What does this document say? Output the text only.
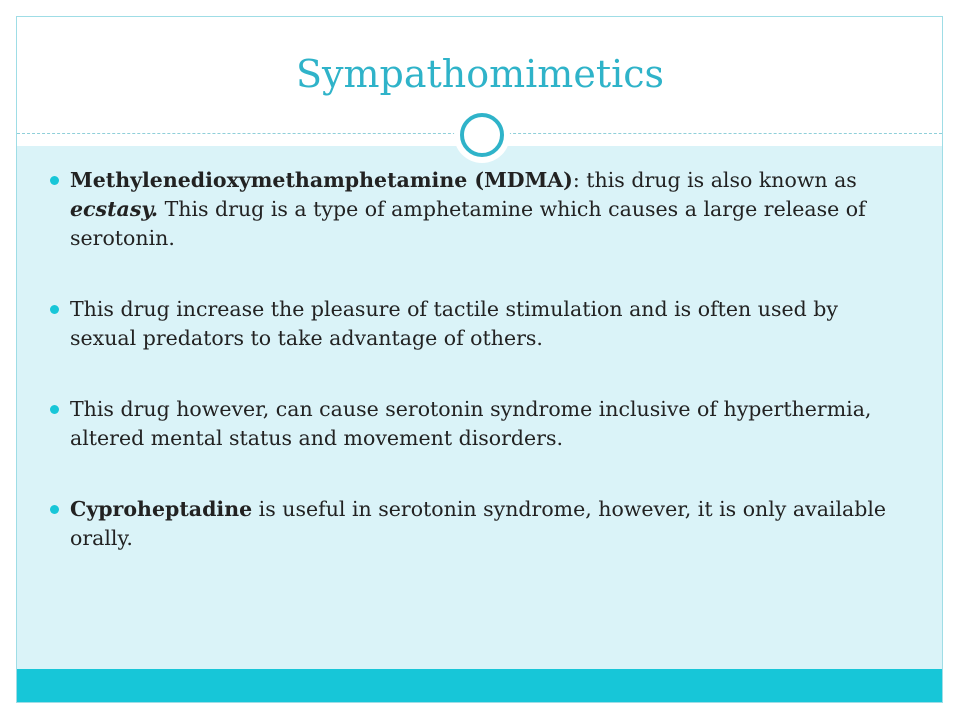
Sympathomimetics
Methylenedioxymethamphetamine (MDMA): this drug is also known as ecstasy. This drug is a type of amphetamine which causes a large release of serotonin.
This drug increase the pleasure of tactile stimulation and is often used by sexual predators to take advantage of others.
This drug however, can cause serotonin syndrome inclusive of hyperthermia, altered mental status and movement disorders.
Cyproheptadine is useful in serotonin syndrome, however, it is only available orally.
